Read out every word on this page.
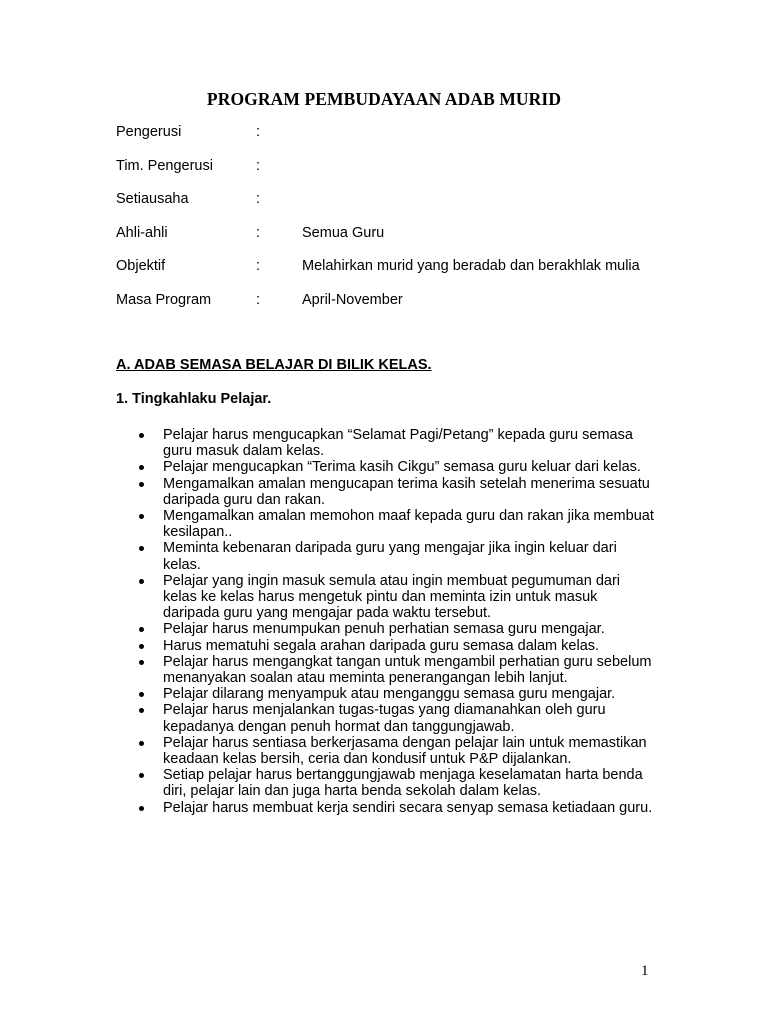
PROGRAM PEMBUDAYAAN ADAB MURID
Pengerusi	:
Tim. Pengerusi	:
Setiausaha	:
Ahli-ahli	:	Semua Guru
Objektif	:	Melahirkan murid yang beradab dan berakhlak mulia
Masa Program	:	April-November
A. ADAB SEMASA BELAJAR DI BILIK KELAS.
1. Tingkahlaku Pelajar.
Pelajar harus mengucapkan “Selamat Pagi/Petang” kepada guru semasa guru masuk dalam kelas.
Pelajar mengucapkan “Terima kasih Cikgu” semasa guru keluar dari kelas.
Mengamalkan amalan mengucapan terima kasih setelah menerima sesuatu daripada guru dan rakan.
Mengamalkan amalan memohon maaf kepada guru dan rakan jika membuat kesilapan..
Meminta kebenaran daripada guru yang mengajar jika ingin keluar dari kelas.
Pelajar yang ingin masuk semula atau ingin membuat pegumuman dari kelas ke kelas harus mengetuk pintu dan meminta izin untuk masuk daripada guru yang mengajar pada waktu tersebut.
Pelajar harus menumpukan penuh perhatian semasa guru mengajar.
Harus mematuhi segala arahan daripada guru semasa dalam kelas.
Pelajar harus mengangkat tangan untuk mengambil perhatian guru sebelum menanyakan soalan atau meminta penerangangan lebih lanjut.
Pelajar dilarang menyampuk atau menganggu semasa guru mengajar.
Pelajar harus menjalankan tugas-tugas yang diamanahkan oleh guru kepadanya dengan penuh hormat dan tanggungjawab.
Pelajar harus sentiasa berkerjasama dengan pelajar lain untuk memastikan keadaan kelas bersih, ceria dan kondusif untuk P&P dijalankan.
Setiap pelajar harus bertanggungjawab menjaga keselamatan harta benda diri, pelajar lain dan juga harta benda sekolah dalam kelas.
Pelajar harus membuat kerja sendiri secara senyap semasa ketiadaan guru.
1
